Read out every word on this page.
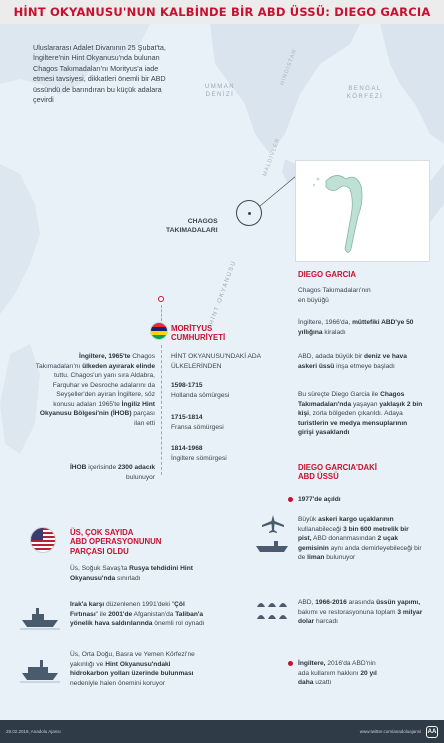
HİNT OKYANUSU'NUN KALBİNDE BİR ABD ÜSSÜ: DIEGO GARCIA
UMMAN DENİZİ
BENGAL KÖRFEZİ
HİNDİSTAN
MALDİVLER
HİNT OKYANUSU
Uluslararası Adalet Divanının 25 Şubat'ta, İngiltere'nin Hint Okyanusu'nda bulunan Chagos Takımadaları'nı Morityus'a iade etmesi tavsiyesi, dikkatleri önemli bir ABD üssündü de barındıran bu küçük adalara çevirdi
CHAGOS
TAKIMADALARI
DIEGO GARCIA
Chagos Takımadaları'nın en büyüğü
İngiltere, 1966'da, müttefiki ABD'ye 50 yıllığına kiraladı
ABD, adada büyük bir deniz ve hava askeri üssü inşa etmeye başladı
Bu süreçte Diego Garcia ile Chagos Takımadaları'nda yaşayan yaklaşık 2 bin kişi, zorla bölgeden çıkarıldı. Adaya turistlerin ve medya mensuplarının girişi yasaklandı
MORİTYUS
CUMHURİYETİ
İngiltere, 1965'te Chagos Takımadaları'nı ülkeden ayırarak elinde tuttu. Chagos'un yanı sıra Aldabra, Farquhar ve Desroche adalarını da Seyşeller'den ayıran İngiltere, söz konusu adaları 1965'te İngiliz Hint Okyanusu Bölgesi'nin (İHOB) parçası ilan etti
İHOB içerisinde 2300 adacık bulunuyor
HİNT OKYANUSU'NDAKİ ADA ÜLKELERİNDEN
1598-1715
Hollanda sömürgesi
1715-1814
Fransa sömürgesi
1814-1968
İngiltere sömürgesi
ÜS, ÇOK SAYIDA
ABD OPERASYONUNUN
PARÇASI OLDU
Üs, Soğuk Savaş'ta Rusya tehdidini Hint Okyanusu'nda sınırladı
Irak'a karşı düzenlenen 1991'deki "Çöl Fırtınası" ile 2001'de Afganistan'da Taliban'a yönelik hava saldırılarında önemli rol oynadı
Üs, Orta Doğu, Basra ve Yemen Körfezi'ne yakınlığı ve Hint Okyanusu'ndaki hidrokarbon yolları üzerinde bulunması nedeniyle halen önemini koruyor
DIEGO GARCIA'DAKİ
ABD ÜSSÜ
1977'de açıldı
Büyük askeri kargo uçaklarının kullanabileceği 3 bin 600 metrelik bir pist, ABD donanmasından 2 uçak gemisinin aynı anda demirleyebileceği bir de liman bulunuyor
ABD, 1966-2016 arasında üssün yapımı, bakımı ve restorasyonuna toplam 3 milyar dolar harcadı
İngiltere, 2016'da ABD'nin ada kullanım hakkını 20 yıl daha uzattı
28.02.2019, Anadolu Ajansı	www.twitter.com/anadoluajansi AA
